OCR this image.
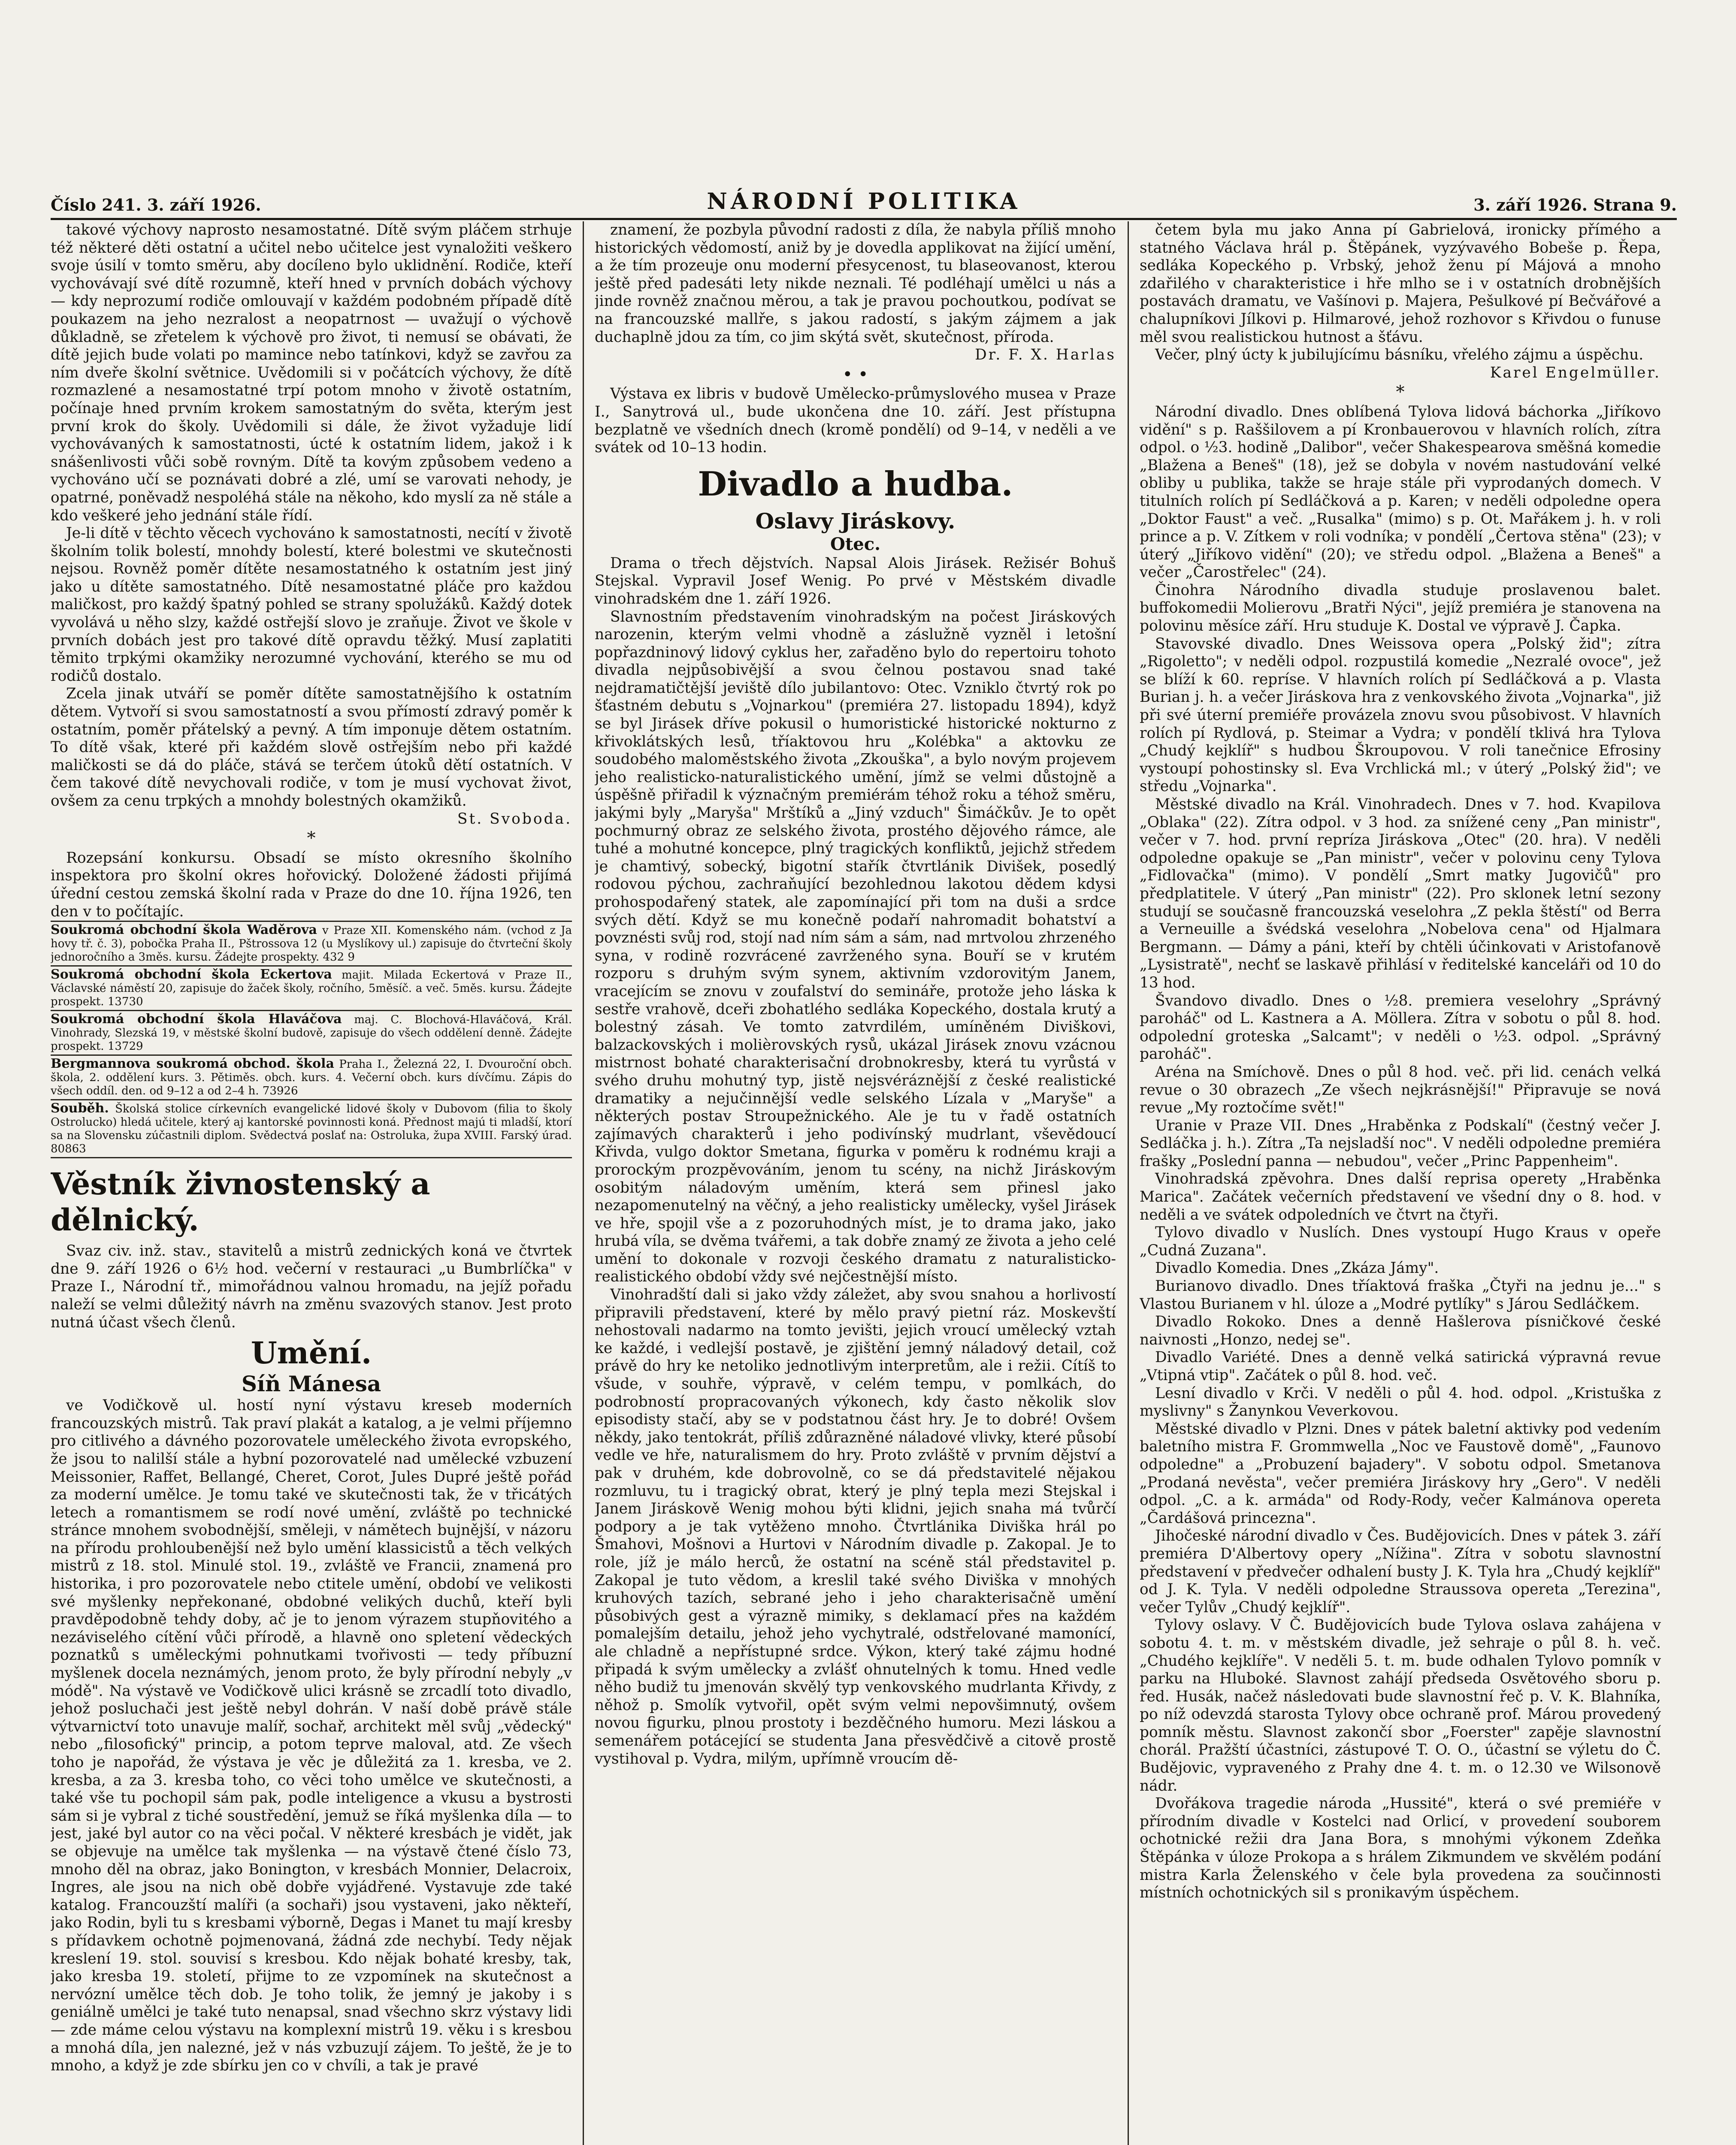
Číslo 241. 3. září 1926.	NÁRODNÍ POLITIKA	3. září 1926. Strana 9.

takové výchovy naprosto nesamostatné. Dítě svým pláčem strhuje též některé děti ostatní a učitel nebo učitelce jest vynaložiti veškero svoje úsilí v tomto směru, aby docíleno bylo uklidnění. Rodiče, kteří vychovávají své dítě rozumně, kteří hned v prvních dobách výchovy — kdy neprozumí rodiče omlouvají v každém podobném případě dítě poukazem na jeho nezralost a neopatrnost — uvažují o výchově důkladně, se zřetelem k výchově pro život, ti nemusí se obávati, že dítě jejich bude volati po mamince nebo tatínkovi, když se zavřou za ním dveře školní světnice. Uvědomili si v počátcích výchovy, že dítě rozmazlené a nesamostatné trpí potom mnoho v životě ostatním, počínaje hned prvním krokem samostatným do světa, kterým jest první krok do školy. Uvědomili si dále, že život vyžaduje lidí vychovávaných k samostatnosti, úcté k ostatním lidem, jakož i k snášenlivosti vůči sobě rovným. Dítě ta kovým způsobem vedeno a vychováno učí se poznávati dobré a zlé, umí se varovati nehody, je opatrné, poněvadž nespoléhá stále na někoho, kdo myslí za ně stále a kdo veškeré jeho jednání stále řídí.

Je-li dítě v těchto věcech vychováno k samostatnosti, necítí v životě školním tolik bolestí, mnohdy bolestí, které bolestmi ve skutečnosti nejsou. Rovněž poměr dítěte nesamostatného k ostatním jest jiný jako u dítěte samostatného. Dítě nesamostatné pláče pro každou maličkost, pro každý špatný pohled se strany spolužáků. Každý dotek vyvolává u něho slzy, každé ostřejší slovo je zraňuje. Život ve škole v prvních dobách jest pro takové dítě opravdu těžký. Musí zaplatiti těmito trpkými okamžiky nerozumné vychování, kterého se mu od rodičů dostalo.

Zcela jinak utváří se poměr dítěte samostatnějšího k ostatním dětem. Vytvoří si svou samostatností a svou přímostí zdravý poměr k ostatním, poměr přátelský a pevný. A tím imponuje dětem ostatním. To dítě však, které při každém slově ostřejším nebo při každé maličkosti se dá do pláče, stává se terčem útoků dětí ostatních. V čem takové dítě nevychovali rodiče, v tom je musí vychovat život, ovšem za cenu trpkých a mnohdy bolestných okamžiků.

St. Svoboda.

*

Rozepsání konkursu. Obsadí se místo okresního školního inspektora pro školní okres hořovický. Doložené žádosti přijímá úřední cestou zemská školní rada v Praze do dne 10. října 1926, ten den v to počítajíc.

Soukromá obchodní škola Waděrova v Praze XII. Komenského nám. (vchod z Ja hovy tř. č. 3), pobočka Praha II., Pštrossova 12 (u Myslíkovy ul.) zapisuje do čtvrteční školy jednoročního a 3měs. kursu. Žádejte prospekty. 432 9
Soukromá obchodní škola Eckertova majit. Milada Eckertová v Praze II., Václavské náměstí 20, zapisuje do žaček školy, ročního, 5měsíč. a več. 5měs. kursu. Žádejte prospekt. 13730
Soukromá obchodní škola Hlaváčova maj. C. Blochová-Hlaváčová, Král. Vinohrady, Slezská 19, v městské školní budově, zapisuje do všech oddělení denně. Žádejte prospekt. 13729
Bergmannova soukromá obchod. škola Praha I., Železná 22, I. Dvouroční obch. škola, 2. oddělení kurs. 3. Pětiměs. obch. kurs. 4. Večerní obch. kurs dívčímu. Zápis do všech oddíl. den. od 9–12 a od 2–4 h. 73926
Souběh. Školská stolice církevních evangelické lidové školy v Dubovom (filia to školy Ostrolucko) hledá učitele, který aj kantorské povinnosti koná. Přednost majú ti mladší, ktorí sa na Slovensku zúčastnili diplom. Svědectvá poslať na: Ostroluka, župa XVIII. Farský úrad. 80863

Věstník živnostenský a dělnický.

Svaz civ. inž. stav., stavitelů a mistrů zednických koná ve čtvrtek dne 9. září 1926 o 6½ hod. večerní v restauraci „u Bumbrlíčka" v Praze I., Národní tř., mimořádnou valnou hromadu, na jejíž pořadu naleží se velmi důležitý návrh na změnu svazových stanov. Jest proto nutná účast všech členů.

Umění.

Síň Mánesa

ve Vodičkově ul. hostí nyní výstavu kreseb moderních francouzských mistrů. Tak praví plakát a katalog, a je velmi příjemno pro citlivého a dávného pozorovatele uměleckého života evropského, že jsou to nalilší stále a hybní pozorovatelé nad umělecké vzbuzení Meissonier, Raffet, Bellangé, Cheret, Corot, Jules Dupré ještě pořád za moderní umělce. Je tomu také ve skutečnosti tak, že v třicátých letech a romantismem se rodí nové umění, zvláště po technické stránce mnohem svobodnější, směleji, v námětech bujnější, v názoru na přírodu prohloubenější než bylo umění klassicistů a těch velkých mistrů z 18. stol. Minulé stol. 19., zvláště ve Francii, znamená pro historika, i pro pozorovatele nebo ctitele umění, období ve velikosti své myšlenky nepřekonané, obdobné velikých duchů, kteří byli pravděpodobně tehdy doby, ač je to jenom výrazem stupňovitého a nezáviselého cítění vůči přírodě, a hlavně ono spletení vědeckých poznatků s uměleckými pohnutkami tvořivosti — tedy příbuzní myšlenek docela neznámých, jenom proto, že byly přírodní nebyly „v módě". Na výstavě ve Vodičkově ulici krásně se zrcadlí toto divadlo, jehož posluchači jest ještě nebyl dohrán. V naší době právě stále výtvarnictví toto unavuje malíř, sochař, architekt měl svůj „vědecký" nebo „filosofický" princip, a potom teprve maloval, atd. Ze všech toho je napořád, že výstava je věc je důležitá za 1. kresba, ve 2. kresba, a za 3. kresba toho, co věci toho umělce ve skutečnosti, a také vše tu pochopil sám pak, podle inteligence a vkusu a bystrosti sám si je vybral z tiché soustředění, jemuž se říká myšlenka díla — to jest, jaké byl autor co na věci počal. V některé kresbách je vidět, jak se objevuje na umělce tak myšlenka — na výstavě čtené číslo 73, mnoho děl na obraz, jako Bonington, v kresbách Monnier, Delacroix, Ingres, ale jsou na nich obě dobře vyjádřené. Vystavuje zde také katalog. Francouzští malíři (a sochaři) jsou vystaveni, jako někteří, jako Rodin, byli tu s kresbami výborně, Degas i Manet tu mají kresby s přídavkem ochotně pojmenovaná, žádná zde nechybí. Tedy nějak kreslení 19. stol. souvisí s kresbou. Kdo nějak bohaté kresby, tak, jako kresba 19. století, přijme to ze vzpomínek na skutečnost a nervózní umělce těch dob. Je toho tolik, že jemný je jakoby i s geniálně umělci je také tuto nenapsal, snad všechno skrz výstavy lidi — zde máme celou výstavu na komplexní mistrů 19. věku i s kresbou a mnohá díla, jen nalezné, jež v nás vzbuzují zájem. To ještě, že je to mnoho, a když je zde sbírku jen co v chvíli, a tak je pravé

znamení, že pozbyla původní radosti z díla, že nabyla příliš mnoho historických vědomostí, aniž by je dovedla applikovat na žijící umění, a že tím prozeuje onu moderní přesycenost, tu blaseovanost, kterou ještě před padesáti lety nikde neznali. Té podléhají umělci u nás a jinde rovněž značnou měrou, a tak je pravou pochoutkou, podívat se na francouzské mallře, s jakou radostí, s jakým zájmem a jak duchaplně jdou za tím, co jim skýtá svět, skutečnost, příroda.

Dr. F. X. Harlas

• •

Výstava ex libris v budově Umělecko-průmyslového musea v Praze I., Sanytrová ul., bude ukončena dne 10. září. Jest přístupna bezplatně ve všedních dnech (kromě pondělí) od 9–14, v neděli a ve svátek od 10–13 hodin.

Divadlo a hudba.

Oslavy Jiráskovy.

Otec.

Drama o třech dějstvích. Napsal Alois Jirásek. Režisér Bohuš Stejskal. Vypravil Josef Wenig. Po prvé v Městském divadle vinohradském dne 1. září 1926.

Slavnostním představením vinohradským na počest Jiráskových narozenin, kterým velmi vhodně a záslužně vyzněl i letošní popřazdninový lidový cyklus her, zařaděno bylo do repertoiru tohoto divadla nejpůsobivější a svou čelnou postavou snad také nejdramatičtější jeviště dílo jubilantovo: Otec. Vzniklo čtvrtý rok po šťastném debutu s „Vojnarkou" (premiéra 27. listopadu 1894), když se byl Jirásek dříve pokusil o humoristické historické nokturno z křivoklátských lesů, tříaktovou hru „Kolébka" a aktovku ze soudobého maloměstského života „Zkouška", a bylo novým projevem jeho realisticko-naturalistického umění, jímž se velmi důstojně a úspěšně přiřadil k význačným premiérám téhož roku a téhož směru, jakými byly „Maryša" Mrštíků a „Jiný vzduch" Šimáčkův. Je to opět pochmurný obraz ze selského života, prostého dějového rámce, ale tuhé a mohutné koncepce, plný tragických konfliktů, jejichž středem je chamtivý, sobecký, bigotní stařík čtvrtlánik Divišek, posedlý rodovou pýchou, zachraňující bezohlednou lakotou dědem kdysi prohospodařený statek, ale zapomínající při tom na duši a srdce svých dětí. Když se mu konečně podaří nahromadit bohatství a povznésti svůj rod, stojí nad ním sám a sám, nad mrtvolou zhrzeného syna, v rodině rozvrácené zavrženého syna. Bouří se v krutém rozporu s druhým svým synem, aktivním vzdorovitým Janem, vracejícím se znovu v zoufalství do semináře, protože jeho láska k sestře vrahově, dceři zbohatlého sedláka Kopeckého, dostala krutý a bolestný zásah. Ve tomto zatvrdilém, umíněném Diviškovi, balzackovských i molièrovských rysů, ukázal Jirásek znovu vzácnou mistrnost bohaté charakterisační drobnokresby, která tu vyrůstá v svého druhu mohutný typ, jistě nejsvéráznější z české realistické dramatiky a nejučinnější vedle selského Lízala v „Maryše" a některých postav Stroupežnického. Ale je tu v řadě ostatních zajímavých charakterů i jeho podivínský mudrlant, vševědoucí Křivda, vulgo doktor Smetana, figurka v poměru k rodnému kraji a prorockým prozpěvováním, jenom tu scény, na nichž Jiráskovým osobitým náladovým uměním, která sem přinesl jako nezapomenutelný na věčný, a jeho realisticky umělecky, vyšel Jirásek ve hře, spojil vše a z pozoruhodných míst, je to drama jako, jako hrubá víla, se dvěma tvářemi, a tak dobře znamý ze života a jeho celé umění to dokonale v rozvoji českého dramatu z naturalisticko-realistického období vždy své nejčestnější místo.

Vinohradští dali si jako vždy záležet, aby svou snahou a horlivostí připravili představení, které by mělo pravý pietní ráz. Moskevští nehostovali nadarmo na tomto jevišti, jejich vroucí umělecký vztah ke každé, i vedlejší postavě, je zjištění jemný náladový detail, což právě do hry ke netoliko jednotlivým interpretům, ale i režii. Cítíš to všude, v souhře, výpravě, v celém tempu, v pomlkách, do podrobností propracovaných výkonech, kdy často několik slov episodisty stačí, aby se v podstatnou část hry. Je to dobré! Ovšem někdy, jako tentokrát, příliš zdůrazněné náladové vlivky, které působí vedle ve hře, naturalismem do hry. Proto zvláště v prvním dějství a pak v druhém, kde dobrovolně, co se dá představitelé nějakou rozmluvu, tu i tragický obrat, který je plný tepla mezi Stejskal i Janem Jiráskově Wenig mohou býti klidni, jejich snaha má tvůrčí podpory a je tak vytěženo mnoho. Čtvrtlánika Diviška hrál po Šmahovi, Mošnovi a Hurtovi v Národním divadle p. Zakopal. Je to role, jíž je málo herců, že ostatní na scéně stál představitel p. Zakopal je tuto vědom, a kreslil také svého Diviška v mnohých kruhových tazích, sebrané jeho i jeho charakterisačně umění působivých gest a výrazně mimiky, s deklamací přes na každém pomalejším detailu, jehož jeho vychytralé, odstřelované mamonící, ale chladně a nepřístupné srdce. Výkon, který také zájmu hodné připadá k svým umělecky a zvlášť ohnutelných k tomu. Hned vedle něho budiž tu jmenován skvělý typ venkovského mudrlanta Křivdy, z něhož p. Smolík vytvořil, opět svým velmi nepovšimnutý, ovšem novou figurku, plnou prostoty i bezděčného humoru. Mezi láskou a semenářem potácející se studenta Jana přesvědčivě a citově prostě vystihoval p. Vydra, milým, upřímně vroucím dě-

četem byla mu jako Anna pí Gabrielová, ironicky přímého a statného Václava hrál p. Štěpánek, vyzývavého Bobeše p. Řepa, sedláka Kopeckého p. Vrbský, jehož ženu pí Májová a mnoho zdařilého v charakteristice i hře mlho se i v ostatních drobnějších postavách dramatu, ve Vašínovi p. Majera, Pešulkové pí Bečvářové a chalupníkovi Jílkovi p. Hilmarové, jehož rozhovor s Křivdou o funuse měl svou realistickou hutnost a šťávu.

Večer, plný úcty k jubilujícímu básníku, vřelého zájmu a úspěchu.

Karel Engelmüller.

*

Národní divadlo. Dnes oblíbená Tylova lidová báchorka „Jiříkovo vidění" s p. Raššilovem a pí Kronbauerovou v hlavních rolích, zítra odpol. o ½3. hodině „Dalibor", večer Shakespearova směšná komedie „Blažena a Beneš" (18), jež se dobyla v novém nastudování velké obliby u publika, takže se hraje stále při vyprodaných domech. V titulních rolích pí Sedláčková a p. Karen; v neděli odpoledne opera „Doktor Faust" a več. „Rusalka" (mimo) s p. Ot. Mařákem j. h. v roli prince a p. V. Zítkem v roli vodníka; v pondělí „Čertova stěna" (23); v úterý „Jiříkovo vidění" (20); ve středu odpol. „Blažena a Beneš" a večer „Čarostřelec" (24).

Činohra Národního divadla studuje proslavenou balet. buffokomedii Molierovu „Bratři Nýci", jejíž premiéra je stanovena na polovinu měsíce září. Hru studuje K. Dostal ve výpravě J. Čapka.

Stavovské divadlo. Dnes Weissova opera „Polský žid"; zítra „Rigoletto"; v neděli odpol. rozpustilá komedie „Nezralé ovoce", jež se blíží k 60. repríse. V hlavních rolích pí Sedláčková a p. Vlasta Burian j. h. a večer Jiráskova hra z venkovského života „Vojnarka", již při své úterní premiéře provázela znovu svou působivost. V hlavních rolích pí Rydlová, p. Steimar a Vydra; v pondělí tklivá hra Tylova „Chudý kejklíř" s hudbou Škroupovou. V roli tanečnice Efrosiny vystoupí pohostinsky sl. Eva Vrchlická ml.; v úterý „Polský žid"; ve středu „Vojnarka".

Městské divadlo na Král. Vinohradech. Dnes v 7. hod. Kvapilova „Oblaka" (22). Zítra odpol. v 3 hod. za snížené ceny „Pan ministr", večer v 7. hod. první repríza Jiráskova „Otec" (20. hra). V neděli odpoledne opakuje se „Pan ministr", večer v polovinu ceny Tylova „Fidlovačka" (mimo). V pondělí „Smrt matky Jugovičů" pro předplatitele. V úterý „Pan ministr" (22). Pro sklonek letní sezony studují se současně francouzská veselohra „Z pekla štěstí" od Berra a Verneuille a švédská veselohra „Nobelova cena" od Hjalmara Bergmann. — Dámy a páni, kteří by chtěli účinkovati v Aristofanově „Lysistratě", nechť se laskavě přihlásí v ředitelské kanceláři od 10 do 13 hod.

Švandovo divadlo. Dnes o ½8. premiera veselohry „Správný paroháč" od L. Kastnera a A. Möllera. Zítra v sobotu o půl 8. hod. odpolední groteska „Salcamt"; v neděli o ½3. odpol. „Správný paroháč".

Aréna na Smíchově. Dnes o půl 8 hod. več. při lid. cenách velká revue o 30 obrazech „Ze všech nejkrásnější!" Připravuje se nová revue „My roztočíme svět!"

Uranie v Praze VII. Dnes „Hraběnka z Podskalí" (čestný večer J. Sedláčka j. h.). Zítra „Ta nejsladší noc". V neděli odpoledne premiéra frašky „Poslední panna — nebudou", večer „Princ Pappenheim".

Vinohradská zpěvohra. Dnes další reprisa operety „Hraběnka Marica". Začátek večerních představení ve všední dny o 8. hod. v neděli a ve svátek odpoledních ve čtvrt na čtyři.

Tylovo divadlo v Nuslích. Dnes vystoupí Hugo Kraus v opeře „Cudná Zuzana".

Divadlo Komedia. Dnes „Zkáza Jámy".

Burianovo divadlo. Dnes tříaktová fraška „Čtyři na jednu je..." s Vlastou Burianem v hl. úloze a „Modré pytlíky" s Járou Sedláčkem.

Divadlo Rokoko. Dnes a denně Hašlerova písničkové české naivnosti „Honzo, nedej se".

Divadlo Variété. Dnes a denně velká satirická výpravná revue „Vtipná vtip". Začátek o půl 8. hod. več.

Lesní divadlo v Krči. V neděli o půl 4. hod. odpol. „Kristuška z myslivny" s Žanynkou Veverkovou.

Městské divadlo v Plzni. Dnes v pátek baletní aktivky pod vedením baletního mistra F. Grommwella „Noc ve Faustově domě", „Faunovo odpoledne" a „Probuzení bajadery". V sobotu odpol. Smetanova „Prodaná nevěsta", večer premiéra Jiráskovy hry „Gero". V neděli odpol. „C. a k. armáda" od Rody-Rody, večer Kalmánova opereta „Čardášová princezna".

Jihočeské národní divadlo v Čes. Budějovicích. Dnes v pátek 3. září premiéra D'Albertovy opery „Nížina". Zítra v sobotu slavnostní představení v předvečer odhalení busty J. K. Tyla hra „Chudý kejklíř" od J. K. Tyla. V neděli odpoledne Straussova opereta „Terezina", večer Tylův „Chudý kejklíř".

Tylovy oslavy. V Č. Budějovicích bude Tylova oslava zahájena v sobotu 4. t. m. v městském divadle, jež sehraje o půl 8. h. več. „Chudého kejklíře". V neděli 5. t. m. bude odhalen Tylovo pomník v parku na Hluboké. Slavnost zahájí předseda Osvětového sboru p. řed. Husák, načež následovati bude slavnostní řeč p. V. K. Blahníka, po níž odevzdá starosta Tylovy obce ochraně prof. Márou provedený pomník městu. Slavnost zakončí sbor „Foerster" zapěje slavnostní chorál. Pražští účastníci, zástupové T. O. O., účastní se výletu do Č. Budějovic, vypraveného z Prahy dne 4. t. m. o 12.30 ve Wilsonově nádr.

Dvořákova tragedie národa „Hussité", která o své premiéře v přírodním divadle v Kostelci nad Orlicí, v provedení souborem ochotnické režii dra Jana Bora, s mnohými výkonem Zdeňka Štěpánka v úloze Prokopa a s hrálem Zikmundem ve skvělém podání mistra Karla Želenského v čele byla provedena za součinnosti místních ochotnických sil s pronikavým úspěchem.
